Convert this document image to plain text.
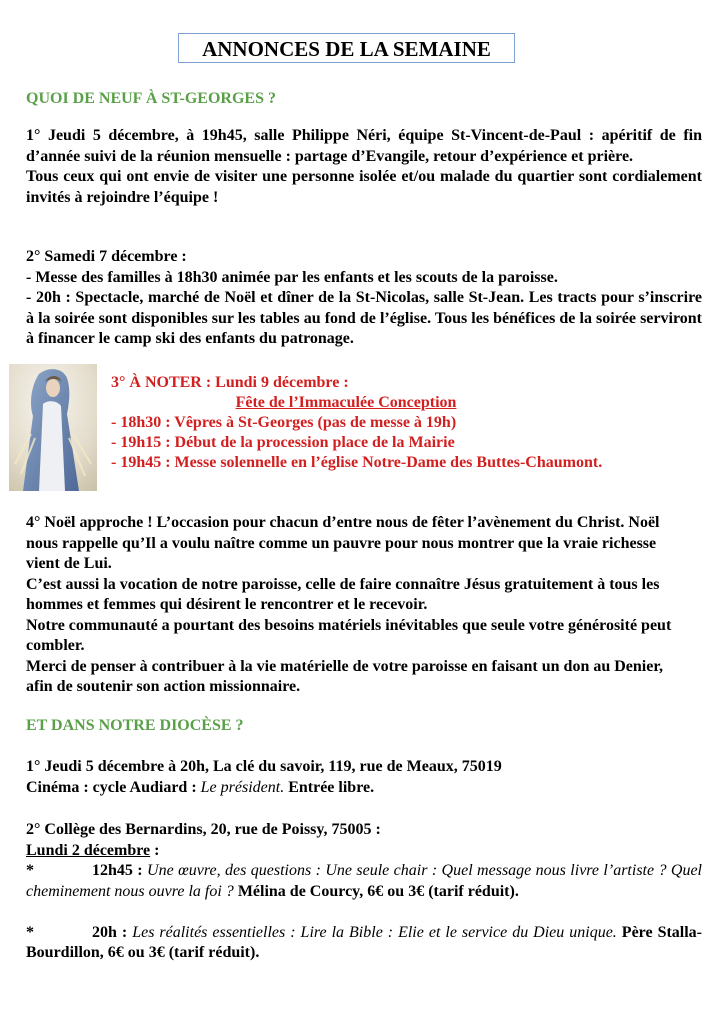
ANNONCES DE LA SEMAINE
QUOI DE NEUF À ST-GEORGES ?

1° Jeudi 5 décembre, à 19h45, salle Philippe Néri, équipe St-Vincent-de-Paul : apéritif de fin d’année suivi de la réunion mensuelle : partage d’Evangile, retour d’expérience et prière.

Tous ceux qui ont envie de visiter une personne isolée et/ou malade du quartier sont cordialement invités à rejoindre l’équipe !

2° Samedi 7 décembre :

- Messe des familles à 18h30 animée par les enfants et les scouts de la paroisse.

- 20h : Spectacle, marché de Noël et dîner de la St-Nicolas, salle St-Jean. Les tracts pour s’inscrire à la soirée sont disponibles sur les tables au fond de l’église. Tous les bénéfices de la soirée serviront à financer le camp ski des enfants du patronage.

3° À NOTER : Lundi 9 décembre :

Fête de l’Immaculée Conception

- 18h30 : Vêpres à St-Georges (pas de messe à 19h)

- 19h15 : Début de la procession place de la Mairie

- 19h45 : Messe solennelle en l’église Notre-Dame des Buttes-Chaumont.

4° Noël approche ! L’occasion pour chacun d’entre nous de fêter l’avènement du Christ. Noël nous rappelle qu’Il a voulu naître comme un pauvre pour nous montrer que la vraie richesse vient de Lui.

C’est aussi la vocation de notre paroisse, celle de faire connaître Jésus gratuitement à tous les hommes et femmes qui désirent le rencontrer et le recevoir.

Notre communauté a pourtant des besoins matériels inévitables que seule votre générosité peut combler.

Merci de penser à contribuer à la vie matérielle de votre paroisse en faisant un don au Denier, afin de soutenir son action missionnaire.

ET DANS NOTRE DIOCÈSE ?

1° Jeudi 5 décembre à 20h, La clé du savoir, 119, rue de Meaux, 75019

Cinéma : cycle Audiard : Le président. Entrée libre.

2° Collège des Bernardins, 20, rue de Poissy, 75005 :

Lundi 2 décembre :

*	12h45 : Une œuvre, des questions : Une seule chair : Quel message nous livre l’artiste ? Quel cheminement nous ouvre la foi ? Mélina de Courcy, 6€ ou 3€ (tarif réduit).

*	20h : Les réalités essentielles : Lire la Bible : Elie et le service du Dieu unique. Père Stalla-Bourdillon, 6€ ou 3€ (tarif réduit).
